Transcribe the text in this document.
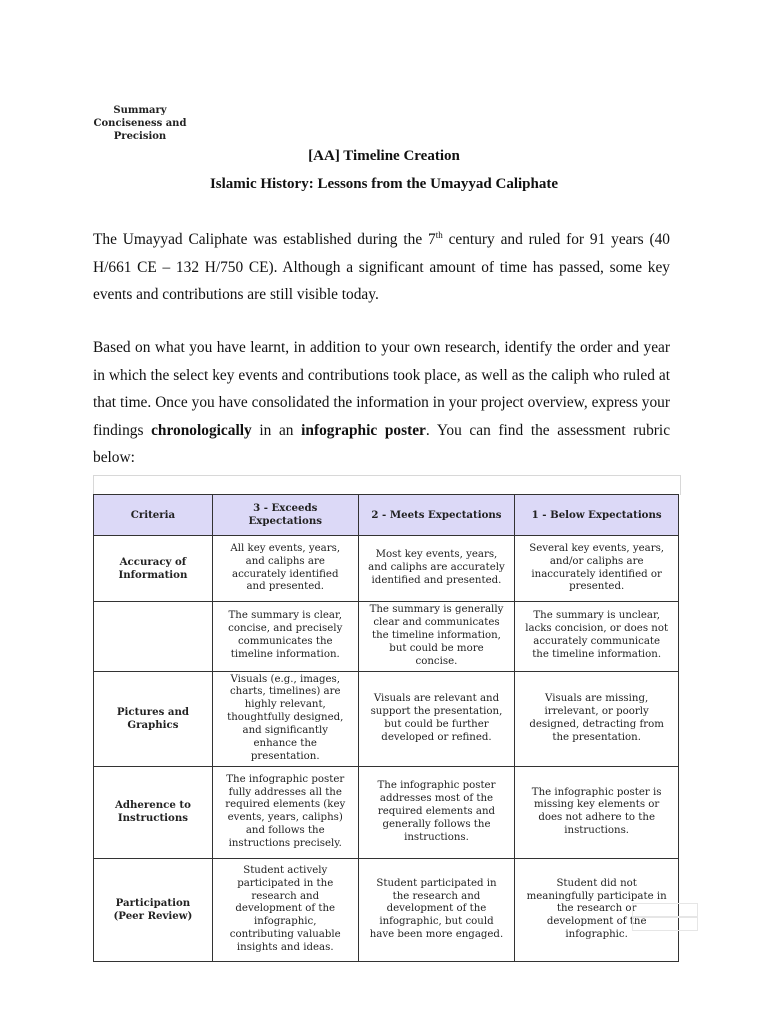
Summary
Conciseness and
Precision
[AA] Timeline Creation
Islamic History: Lessons from the Umayyad Caliphate
The Umayyad Caliphate was established during the 7th century and ruled for 91 years (40 H/661 CE – 132 H/750 CE). Although a significant amount of time has passed, some key events and contributions are still visible today.
Based on what you have learnt, in addition to your own research, identify the order and year in which the select key events and contributions took place, as well as the caliph who ruled at that time. Once you have consolidated the information in your project overview, express your findings chronologically in an infographic poster. You can find the assessment rubric below:
Criteria	3 - Exceeds Expectations	2 - Meets Expectations	1 - Below Expectations
Accuracy of Information	All key events, years, and caliphs are accurately identified and presented.	Most key events, years, and caliphs are accurately identified and presented.	Several key events, years, and/or caliphs are inaccurately identified or presented.
	The summary is clear, concise, and precisely communicates the timeline information.	The summary is generally clear and communicates the timeline information, but could be more concise.	The summary is unclear, lacks concision, or does not accurately communicate the timeline information.
Pictures and Graphics	Visuals (e.g., images, charts, timelines) are highly relevant, thoughtfully designed, and significantly enhance the presentation.	Visuals are relevant and support the presentation, but could be further developed or refined.	Visuals are missing, irrelevant, or poorly designed, detracting from the presentation.
Adherence to Instructions	The infographic poster fully addresses all the required elements (key events, years, caliphs) and follows the instructions precisely.	The infographic poster addresses most of the required elements and generally follows the instructions.	The infographic poster is missing key elements or does not adhere to the instructions.
Participation (Peer Review)	Student actively participated in the research and development of the infographic, contributing valuable insights and ideas.	Student participated in the research and development of the infographic, but could have been more engaged.	Student did not meaningfully participate in the research or development of the infographic.
